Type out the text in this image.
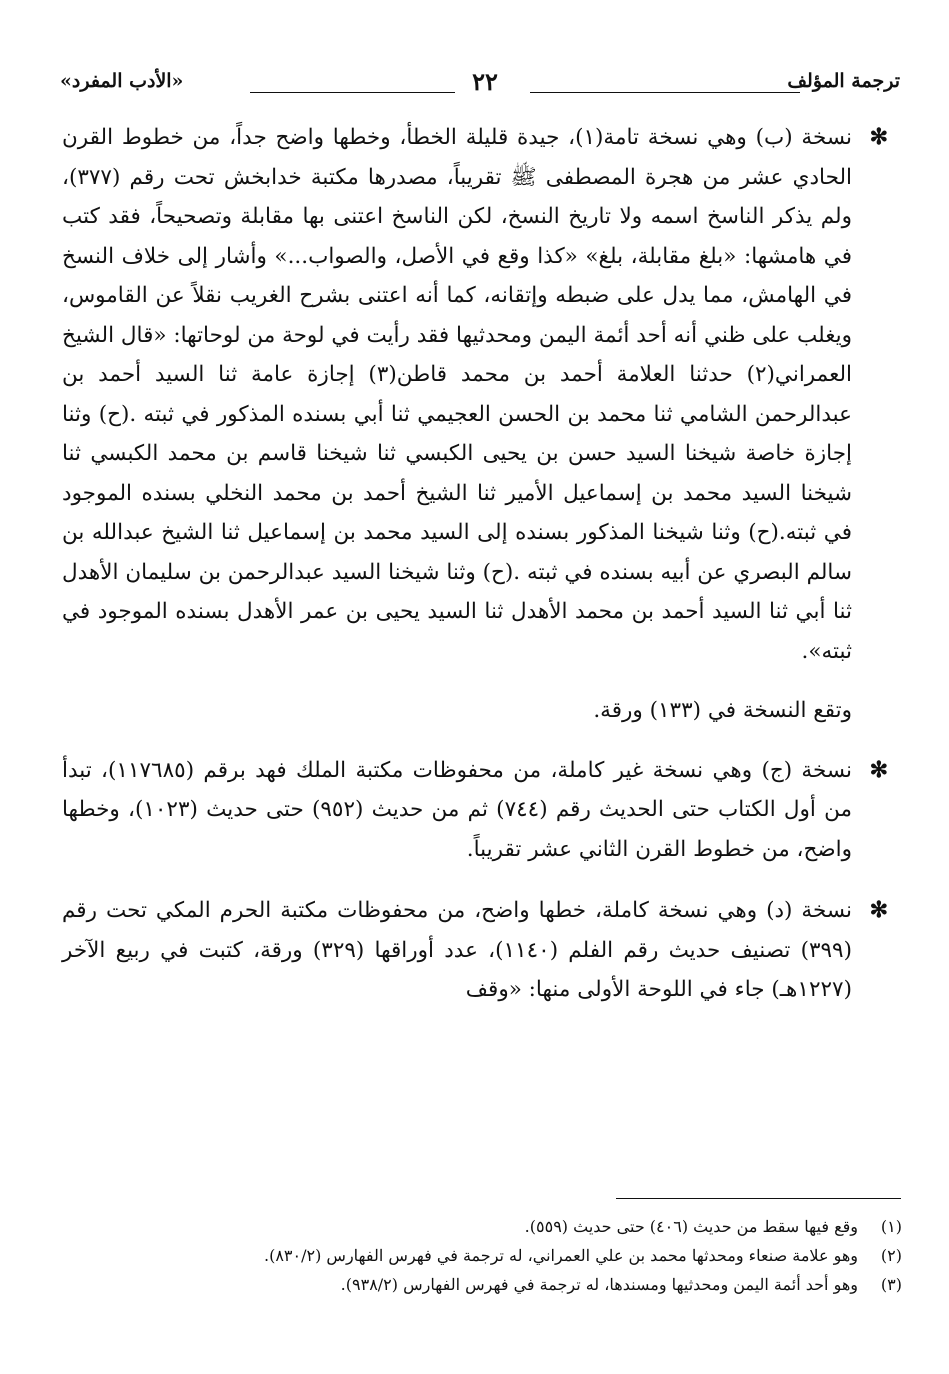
ترجمة المؤلف
٢٢
«الأدب المفرد»
✻
نسخة (ب) وهي نسخة تامة(١)، جيدة قليلة الخطأ، وخطها واضح جداً، من خطوط القرن الحادي عشر من هجرة المصطفى ﷺ تقريباً، مصدرها مكتبة خدابخش تحت رقم (٣٧٧)، ولم يذكر الناسخ اسمه ولا تاريخ النسخ، لكن الناسخ اعتنى بها مقابلة وتصحيحاً، فقد كتب في هامشها: «بلغ مقابلة، بلغ» «كذا وقع في الأصل، والصواب...» وأشار إلى خلاف النسخ في الهامش، مما يدل على ضبطه وإتقانه، كما أنه اعتنى بشرح الغريب نقلاً عن القاموس، ويغلب على ظني أنه أحد أئمة اليمن ومحدثيها فقد رأيت في لوحة من لوحاتها: «قال الشيخ العمراني(٢) حدثنا العلامة أحمد بن محمد قاطن(٣) إجازة عامة ثنا السيد أحمد بن عبدالرحمن الشامي ثنا محمد بن الحسن العجيمي ثنا أبي بسنده المذكور في ثبته .(ح) وثنا إجازة خاصة شيخنا السيد حسن بن يحيى الكبسي ثنا شيخنا قاسم بن محمد الكبسي ثنا شيخنا السيد محمد بن إسماعيل الأمير ثنا الشيخ أحمد بن محمد النخلي بسنده الموجود في ثبته.(ح) وثنا شيخنا المذكور بسنده إلى السيد محمد بن إسماعيل ثنا الشيخ عبدالله بن سالم البصري عن أبيه بسنده في ثبته .(ح) وثنا شيخنا السيد عبدالرحمن بن سليمان الأهدل ثنا أبي ثنا السيد أحمد بن محمد الأهدل ثنا السيد يحيى بن عمر الأهدل بسنده الموجود في ثبته».
وتقع النسخة في (١٣٣) ورقة.
✻
نسخة (ج) وهي نسخة غير كاملة، من محفوظات مكتبة الملك فهد برقم (١١٧٦٨٥)، تبدأ من أول الكتاب حتى الحديث رقم (٧٤٤) ثم من حديث (٩٥٢) حتى حديث (١٠٢٣)، وخطها واضح، من خطوط القرن الثاني عشر تقريباً.
✻
نسخة (د) وهي نسخة كاملة، خطها واضح، من محفوظات مكتبة الحرم المكي تحت رقم (٣٩٩) تصنيف حديث رقم الفلم (١١٤٠)، عدد أوراقها (٣٢٩) ورقة، كتبت في ربيع الآخر (١٢٢٧هـ) جاء في اللوحة الأولى منها: «وقف
(١)
وقع فيها سقط من حديث (٤٠٦) حتى حديث (٥٥٩).
(٢)
وهو علامة صنعاء ومحدثها محمد بن علي العمراني، له ترجمة في فهرس الفهارس (٨٣٠/٢).
(٣)
وهو أحد أئمة اليمن ومحدثيها ومسندها، له ترجمة في فهرس الفهارس (٩٣٨/٢).
